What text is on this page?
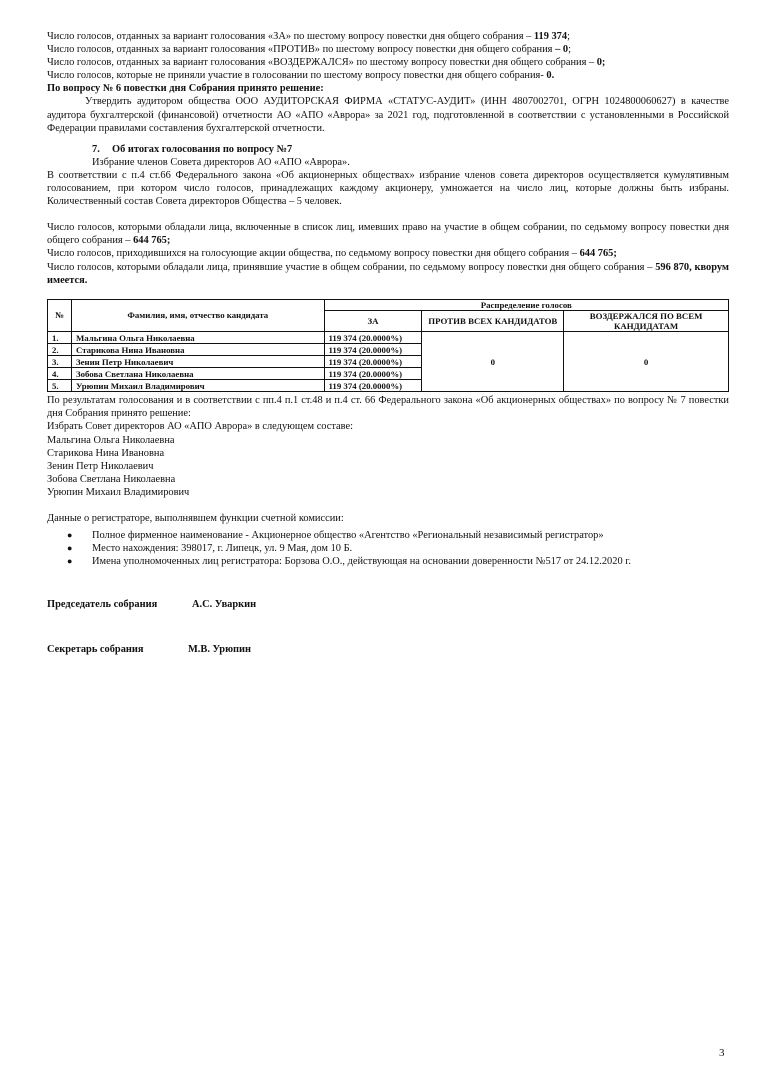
Число голосов, отданных за вариант голосования «ЗА» по шестому вопросу повестки дня общего собрания – 119 374;

Число голосов, отданных за вариант голосования «ПРОТИВ» по шестому вопросу повестки дня общего собрания – 0;

Число голосов, отданных за вариант голосования «ВОЗДЕРЖАЛСЯ» по шестому вопросу повестки дня общего собрания – 0;

Число голосов, которые не приняли участие в голосовании по шестому вопросу повестки дня общего собрания- 0.

По вопросу № 6 повестки дня Собрания принято решение:

Утвердить аудитором общества ООО АУДИТОРСКАЯ ФИРМА «СТАТУС-АУДИТ» (ИНН 4807002701, ОГРН 1024800060627) в качестве аудитора бухгалтерской (финансовой) отчетности АО «АПО «Аврора» за 2021 год, подготовленной в соответствии с установленными в Российской Федерации правилами составления бухгалтерской отчетности.

7. Об итогах голосования по вопросу №7

Избрание членов Совета директоров АО «АПО «Аврора».

В соответствии с п.4 ст.66 Федерального закона «Об акционерных обществах» избрание членов совета директоров осуществляется кумулятивным голосованием, при котором число голосов, принадлежащих каждому акционеру, умножается на число лиц, которые должны быть избраны. Количественный состав Совета директоров Общества – 5 человек.

Число голосов, которыми обладали лица, включенные в список лиц, имевших право на участие в общем собрании, по седьмому вопросу повестки дня общего собрания – 644 765;

Число голосов, приходившихся на голосующие акции общества, по седьмому вопросу повестки дня общего собрания – 644 765;

Число голосов, которыми обладали лица, принявшие участие в общем собрании, по седьмому вопросу повестки дня общего собрания – 596 870, кворум имеется.

№	Фамилия, имя, отчество кандидата	Распределение голосов		
		ЗА	ПРОТИВ ВСЕХ КАНДИДАТОВ	ВОЗДЕРЖАЛСЯ ПО ВСЕМ КАНДИДАТАМ
1.	Мальгина Ольга Николаевна	119 374 (20.0000%)	0	0
2.	Старикова Нина Ивановна	119 374 (20.0000%)		
3.	Зенин Петр Николаевич	119 374 (20.0000%)		
4.	Зобова Светлана Николаевна	119 374 (20.0000%)		
5.	Урюпин Михаил Владимирович	119 374 (20.0000%)		

По результатам голосования и в соответствии с пп.4 п.1 ст.48 и п.4 ст. 66 Федерального закона «Об акционерных обществах» по вопросу № 7 повестки дня Собрания принято решение:

Избрать Совет директоров АО «АПО Аврора» в следующем составе:

Мальгина Ольга Николаевна

Старикова Нина Ивановна

Зенин Петр Николаевич

Зобова Светлана Николаевна

Урюпин Михаил Владимирович

Данные о регистраторе, выполнявшем функции счетной комиссии:

● Полное фирменное наименование - Акционерное общество «Агентство «Региональный независимый регистратор»
● Место нахождения: 398017, г. Липецк, ул. 9 Мая, дом 10 Б.
● Имена уполномоченных лиц регистратора: Борзова О.О., действующая на основании доверенности №517 от 24.12.2020 г.

Председатель собрания	А.С. Уваркин

Секретарь собрания	М.В. Урюпин

3
